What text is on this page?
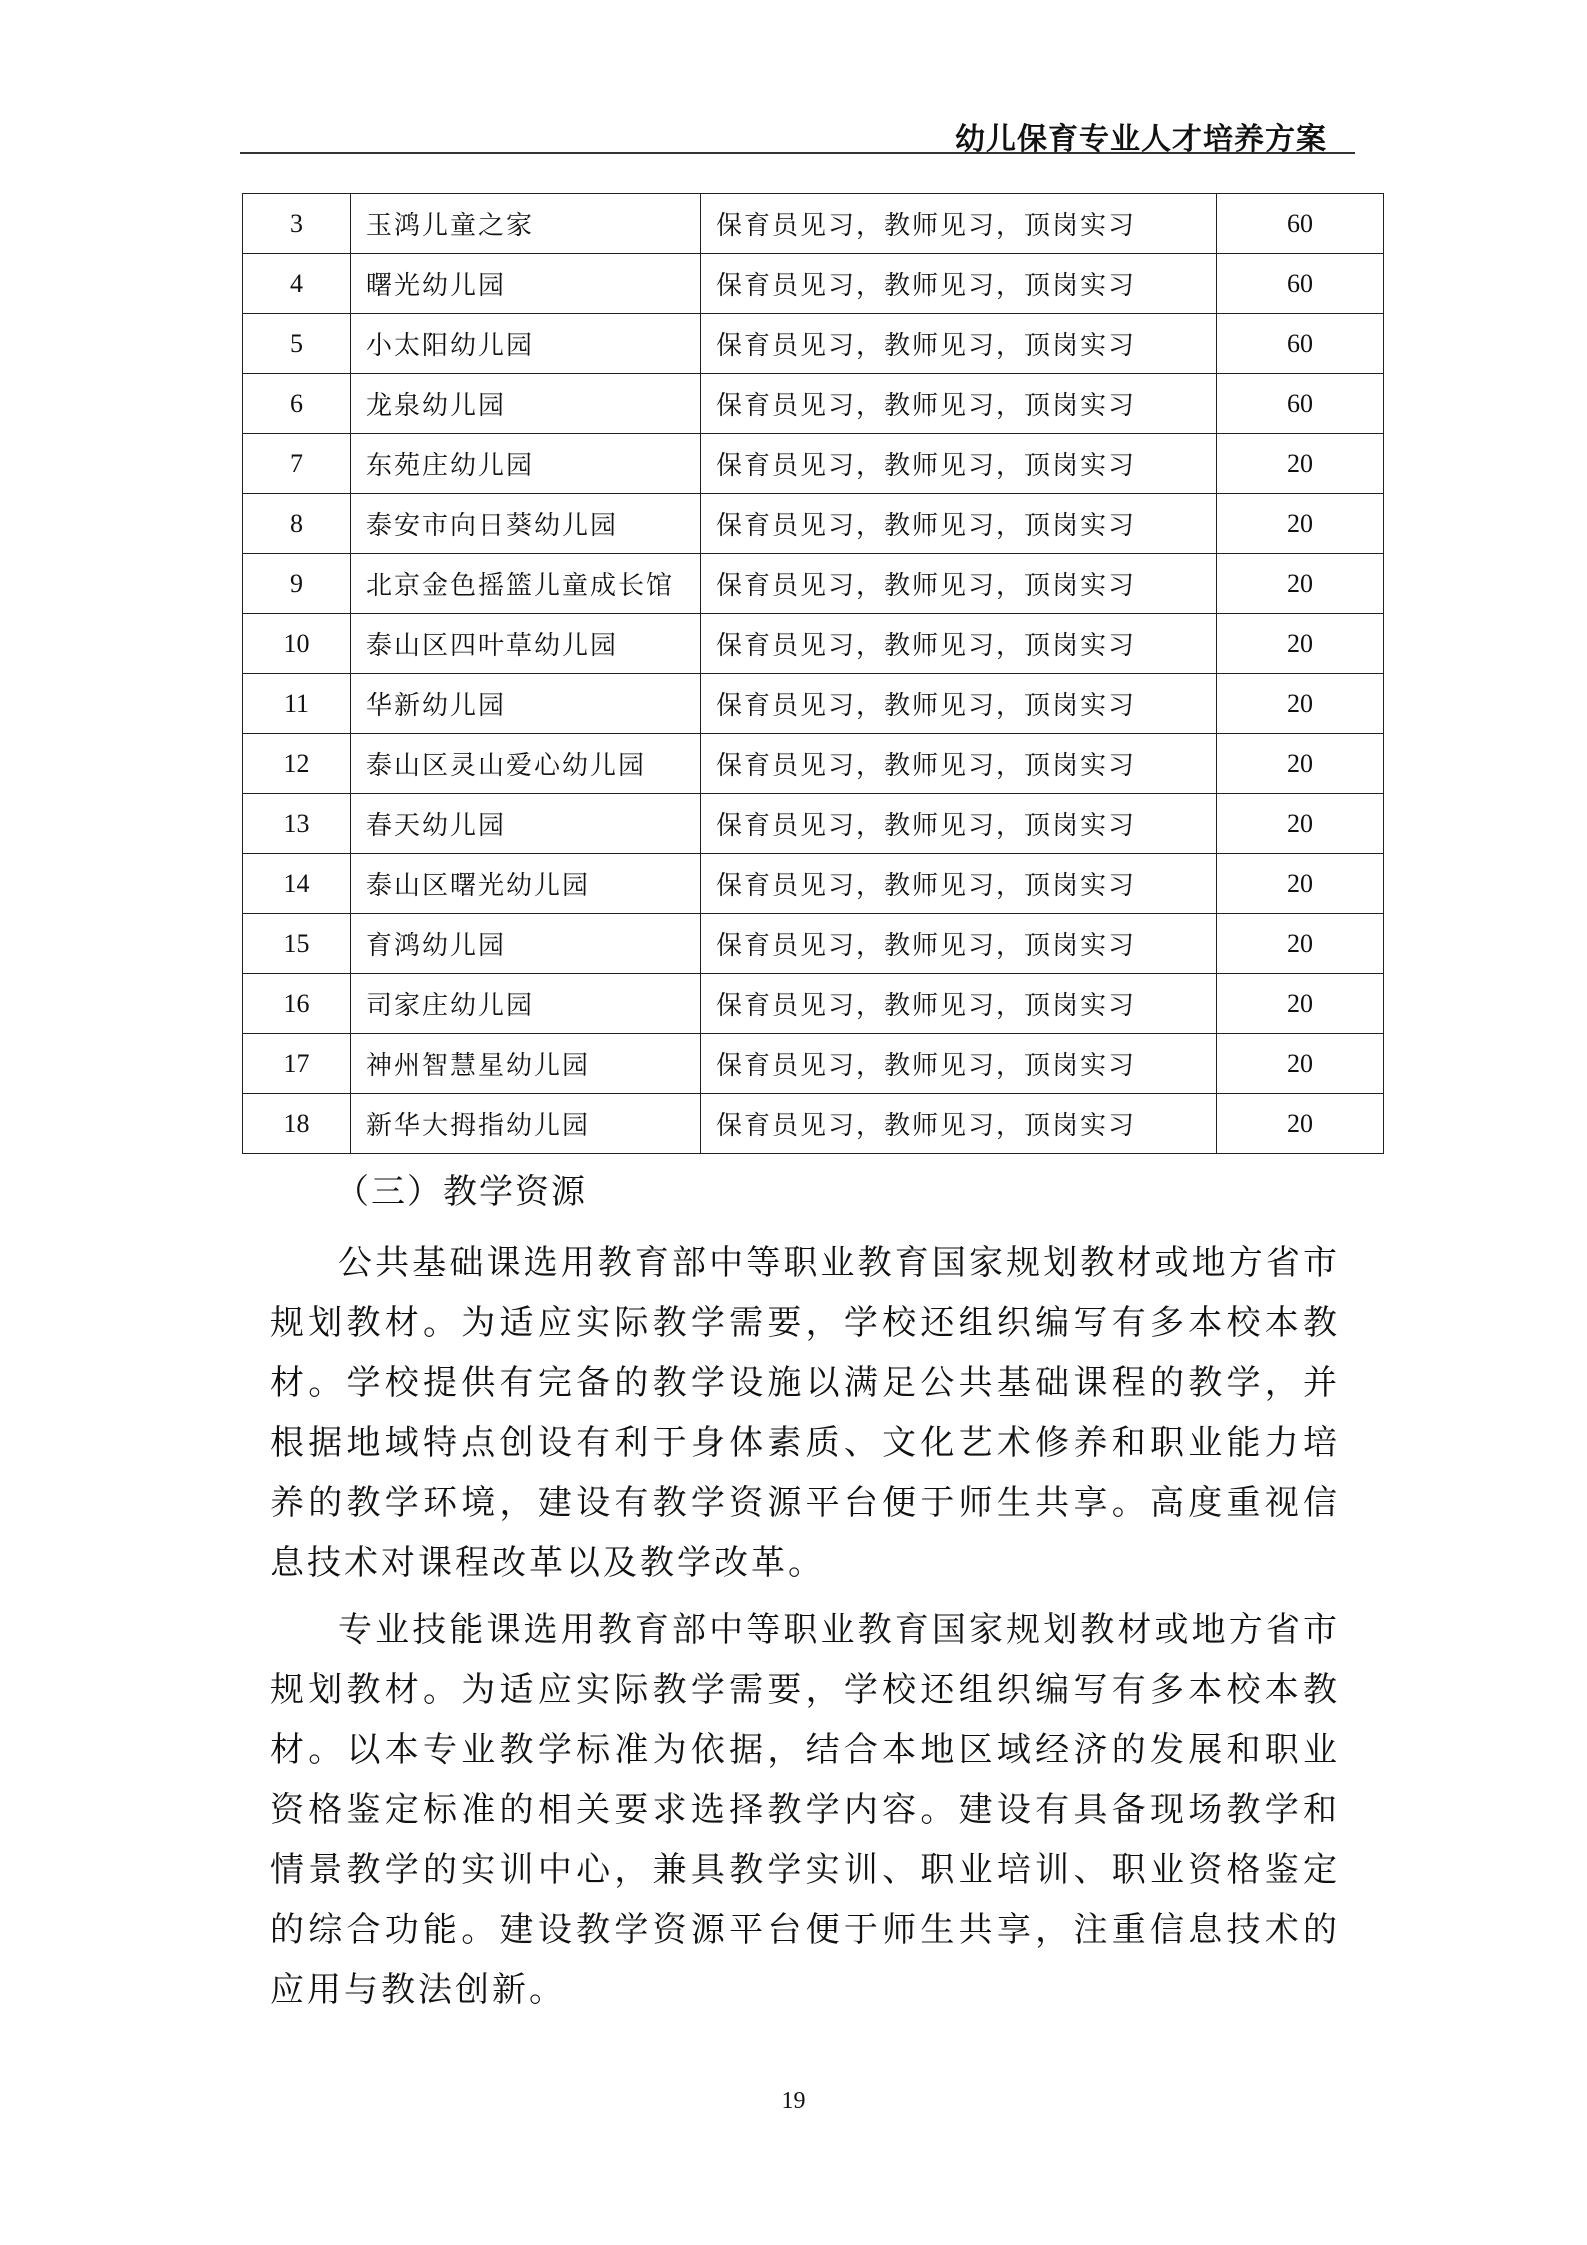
幼儿保育专业人才培养方案
3	玉鸿儿童之家	保育员见习，教师见习，顶岗实习	60
4	曙光幼儿园	保育员见习，教师见习，顶岗实习	60
5	小太阳幼儿园	保育员见习，教师见习，顶岗实习	60
6	龙泉幼儿园	保育员见习，教师见习，顶岗实习	60
7	东苑庄幼儿园	保育员见习，教师见习，顶岗实习	20
8	泰安市向日葵幼儿园	保育员见习，教师见习，顶岗实习	20
9	北京金色摇篮儿童成长馆	保育员见习，教师见习，顶岗实习	20
10	泰山区四叶草幼儿园	保育员见习，教师见习，顶岗实习	20
11	华新幼儿园	保育员见习，教师见习，顶岗实习	20
12	泰山区灵山爱心幼儿园	保育员见习，教师见习，顶岗实习	20
13	春天幼儿园	保育员见习，教师见习，顶岗实习	20
14	泰山区曙光幼儿园	保育员见习，教师见习，顶岗实习	20
15	育鸿幼儿园	保育员见习，教师见习，顶岗实习	20
16	司家庄幼儿园	保育员见习，教师见习，顶岗实习	20
17	神州智慧星幼儿园	保育员见习，教师见习，顶岗实习	20
18	新华大拇指幼儿园	保育员见习，教师见习，顶岗实习	20
（三）教学资源

公共基础课选用教育部中等职业教育国家规划教材或地方省市规划教材。为适应实际教学需要，学校还组织编写有多本校本教材。学校提供有完备的教学设施以满足公共基础课程的教学，并根据地域特点创设有利于身体素质、文化艺术修养和职业能力培养的教学环境，建设有教学资源平台便于师生共享。高度重视信息技术对课程改革以及教学改革。

专业技能课选用教育部中等职业教育国家规划教材或地方省市规划教材。为适应实际教学需要，学校还组织编写有多本校本教材。以本专业教学标准为依据，结合本地区域经济的发展和职业资格鉴定标准的相关要求选择教学内容。建设有具备现场教学和情景教学的实训中心，兼具教学实训、职业培训、职业资格鉴定的综合功能。建设教学资源平台便于师生共享，注重信息技术的应用与教法创新。

19
